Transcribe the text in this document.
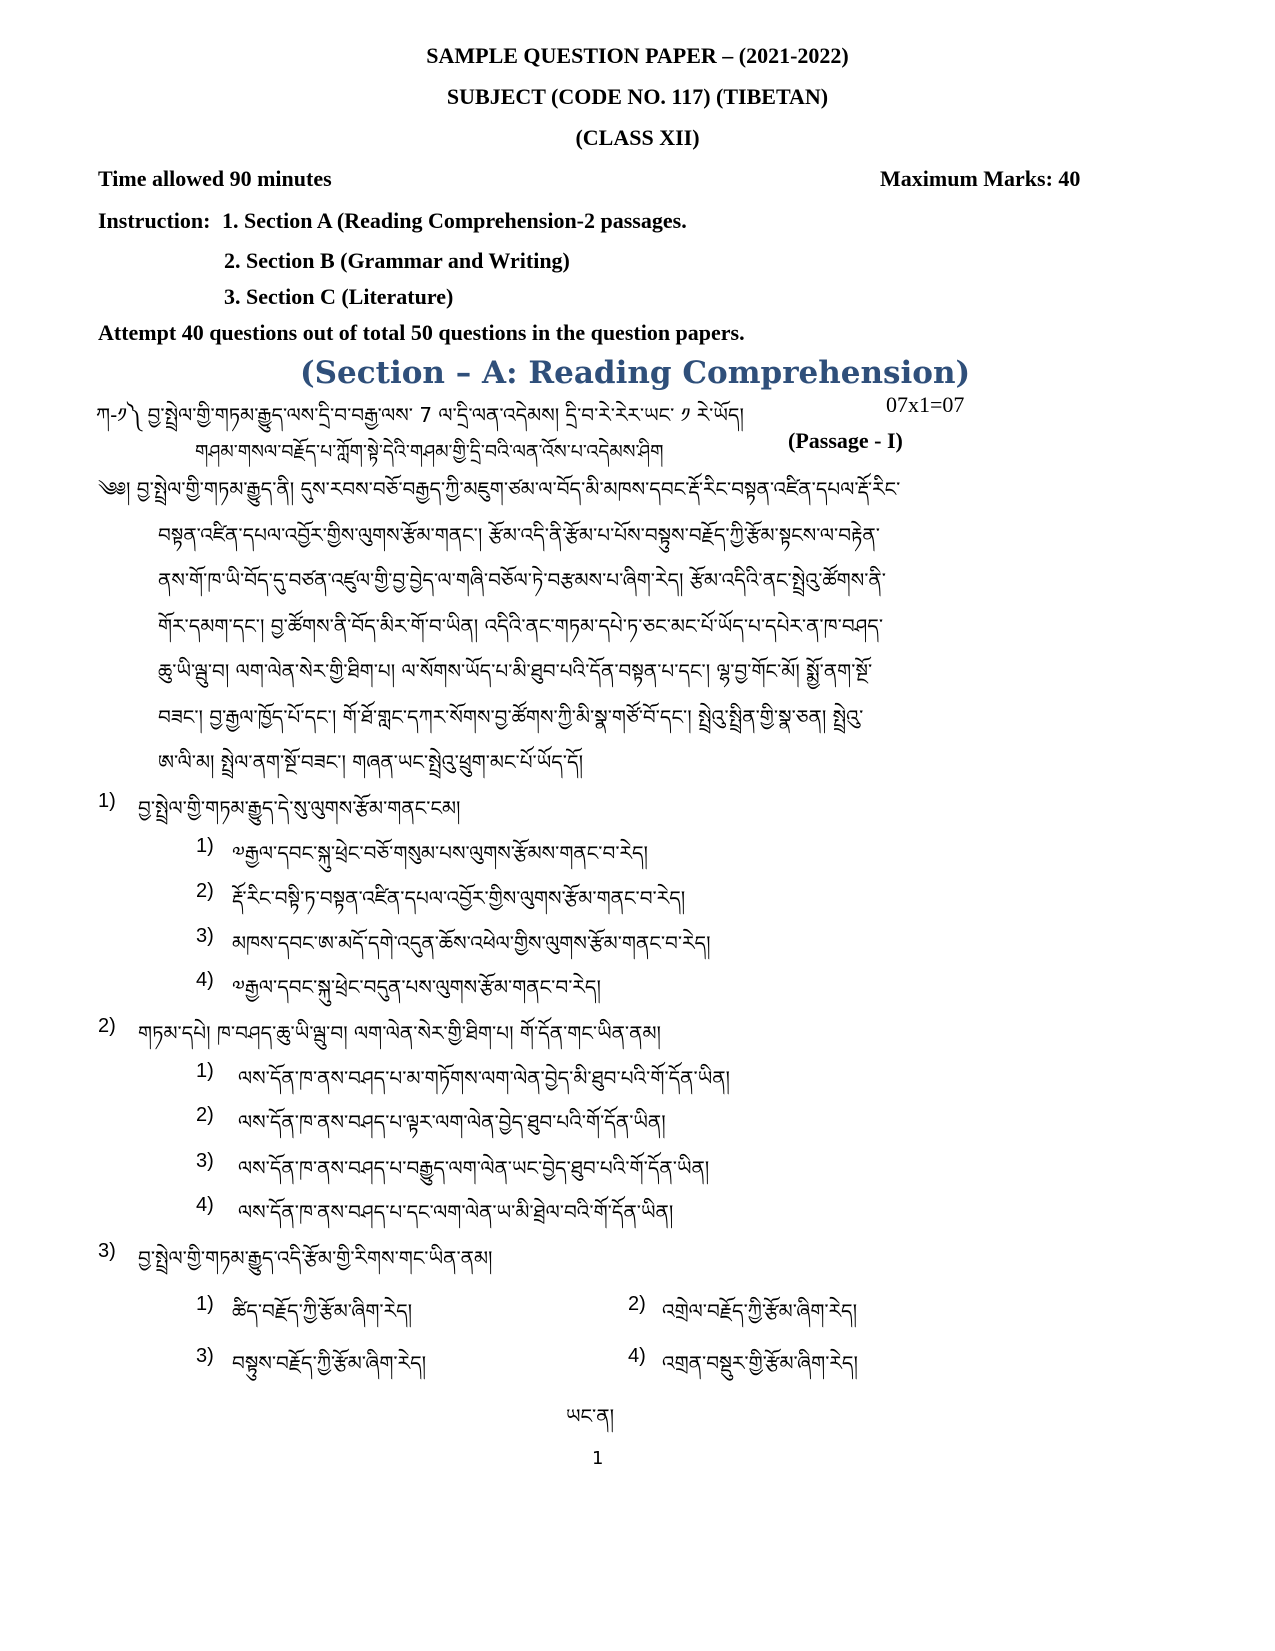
SAMPLE QUESTION PAPER – (2021-2022)
SUBJECT (CODE NO. 117) (TIBETAN)
(CLASS XII)
Time allowed 90 minutes	Maximum Marks: 40
Instruction: 1. Section A (Reading Comprehension-2 passages.
2. Section B (Grammar and Writing)
3. Section C (Literature)
Attempt 40 questions out of total 50 questions in the question papers.
(Section – A: Reading Comprehension)
ཀ-༡༽ བྱ་སྤྲེལ་གྱི་གཏམ་རྒྱུད་ལས་དྲི་བ་བརྒྱ་ལས་ 7 ལ་དྲི་ལན་འདེམས། དྲི་བ་རེ་རེར་ཡང་ ༡ རེ་ཡོད།	07x1=07
གཤམ་གསལ་བརྗོད་པ་ཀློག་སྟེ་དེའི་གཤམ་གྱི་དྲི་བའི་ལན་འོས་པ་འདེམས་ཤིག	(Passage - I)
༄༅། བྱ་སྤྲེལ་གྱི་གཏམ་རྒྱུད་ནི། དུས་རབས་བཅོ་བརྒྱད་ཀྱི་མཇུག་ཙམ་ལ་བོད་མི་མཁས་དབང་རྡོ་རིང་བསྟན་འཛིན་དཔལ་རྡོ་རིང་
བསྟན་འཛིན་དཔལ་འབྱོར་གྱིས་ལུགས་རྩོམ་གནང་། རྩོམ་འདི་ནི་རྩོམ་པ་པོས་བསྟུས་བརྗོད་ཀྱི་རྩོམ་སྟངས་ལ་བརྟེན་
ནས་གོ་ཁ་ཡི་བོད་དུ་བཙན་འཛུལ་གྱི་བྱ་བྱེད་ལ་གཞི་བཅོལ་ཏེ་བརྩམས་པ་ཞིག་རེད། རྩོམ་འདིའི་ནང་སྤྲེའུ་ཚོགས་ནི་
གོར་དམག་དང་། བྱ་ཚོགས་ནི་བོད་མིར་གོ་བ་ཡིན། འདིའི་ནང་གཏམ་དཔེ་ཏ་ཅང་མང་པོ་ཡོད་པ་དཔེར་ན་ཁ་བཤད་
ཆུ་ཡི་ལྦུ་བ། ལག་ལེན་སེར་གྱི་ཐིག་པ། ལ་སོགས་ཡོད་པ་མི་ཐུབ་པའི་དོན་བསྟན་པ་དང་། ལྷ་བྱ་གོང་མོ། སྨྱོ་ནག་སྔོ་
བཟང་། བྱ་རྒྱལ་ཁྱོད་པོ་དང་། གོ་ཐོ་གླང་དཀར་སོགས་བྱ་ཚོགས་ཀྱི་མི་སྣ་གཙོ་བོ་དང་། སྤྲེའུ་སྤྲིན་གྱི་སྣ་ཅན། སྤྲེའུ་
ཨ་ལི་མ། སྤྲེལ་ནག་སྔོ་བཟང་། གཞན་ཡང་སྤྲེའུ་ཕྲུག་མང་པོ་ཡོད་དོ།
1) བྱ་སྤྲེལ་གྱི་གཏམ་རྒྱུད་དེ་སུ་ལུགས་རྩོམ་གནང་ངམ།
1) ༧རྒྱལ་དབང་སྐུ་ཕྲེང་བཅོ་གསུམ་པས་ལུགས་རྩོམས་གནང་བ་རེད།
2) རྡོ་རིང་བསྟི་ཏ་བསྟན་འཛིན་དཔལ་འབྱོར་གྱིས་ལུགས་རྩོམ་གནང་བ་རེད།
3) མཁས་དབང་ཨ་མདོ་དགེ་འདུན་ཆོས་འཕེལ་གྱིས་ལུགས་རྩོམ་གནང་བ་རེད།
4) ༧རྒྱལ་དབང་སྐུ་ཕྲེང་བདུན་པས་ལུགས་རྩོམ་གནང་བ་རེད།
2) གཏམ་དཔེ། ཁ་བཤད་ཆུ་ཡི་ལྦུ་བ། ལག་ལེན་སེར་གྱི་ཐིག་པ། གོ་དོན་གང་ཡིན་ནམ།
1) ལས་དོན་ཁ་ནས་བཤད་པ་མ་གཏོགས་ལག་ལེན་བྱེད་མི་ཐུབ་པའི་གོ་དོན་ཡིན།
2) ལས་དོན་ཁ་ནས་བཤད་པ་ལྟར་ལག་ལེན་བྱེད་ཐུབ་པའི་གོ་དོན་ཡིན།
3) ལས་དོན་ཁ་ནས་བཤད་པ་བརྒྱུད་ལག་ལེན་ཡང་བྱེད་ཐུབ་པའི་གོ་དོན་ཡིན།
4) ལས་དོན་ཁ་ནས་བཤད་པ་དང་ལག་ལེན་ཡ་མི་ཐྲེལ་བའི་གོ་དོན་ཡིན།
3) བྱ་སྤྲེལ་གྱི་གཏམ་རྒྱུད་འདི་རྩོམ་གྱི་རིགས་གང་ཡིན་ནམ།
1) ཚིད་བརྗོད་ཀྱི་རྩོམ་ཞིག་རེད།	2) འགྲེལ་བརྗོད་ཀྱི་རྩོམ་ཞིག་རེད།
3) བསྟུས་བརྗོད་ཀྱི་རྩོམ་ཞིག་རེད།	4) འགྲན་བསྡུར་གྱི་རྩོམ་ཞིག་རེད།
ཡང་ན།
1
